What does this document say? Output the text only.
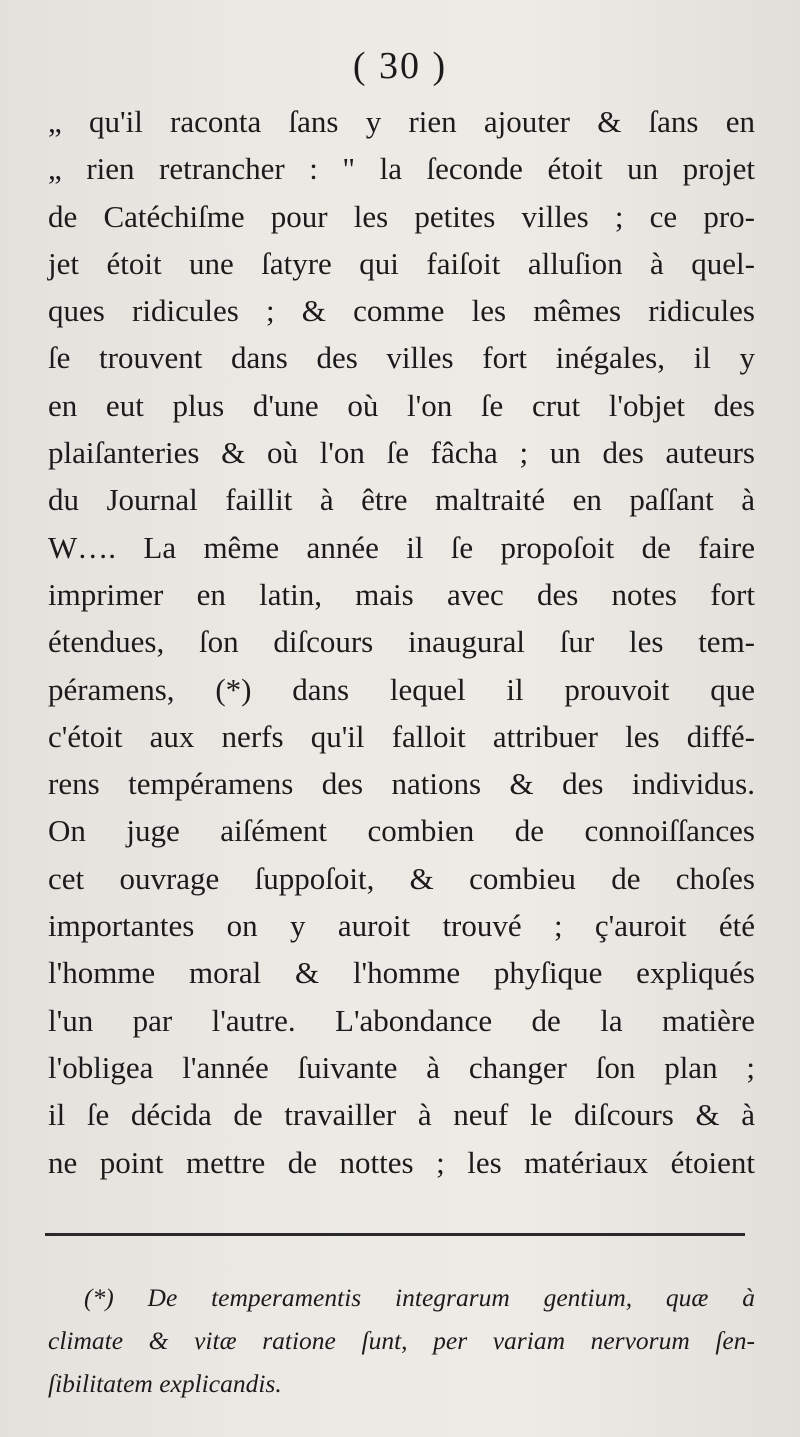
( 30 )
„ qu'il raconta ſans y rien ajouter & ſans en
„ rien retrancher : " la ſeconde étoit un projet
de Catéchiſme pour les petites villes ; ce pro-
jet étoit une ſatyre qui faiſoit alluſion à quel-
ques ridicules ; & comme les mêmes ridicules
ſe trouvent dans des villes fort inégales, il y
en eut plus d'une où l'on ſe crut l'objet des
plaiſanteries & où l'on ſe fâcha ; un des auteurs
du Journal faillit à être maltraité en paſſant à
W…. La même année il ſe propoſoit de faire
imprimer en latin, mais avec des notes fort
étendues, ſon diſcours inaugural ſur les tem-
péramens, (*) dans lequel il prouvoit que
c'étoit aux nerfs qu'il falloit attribuer les diffé-
rens tempéramens des nations & des individus.
On juge aiſément combien de connoiſſances
cet ouvrage ſuppoſoit, & combieu de choſes
importantes on y auroit trouvé ; ç'auroit été
l'homme moral & l'homme phyſique expliqués
l'un par l'autre. L'abondance de la matière
l'obligea l'année ſuivante à changer ſon plan ;
il ſe décida de travailler à neuf le diſcours & à
ne point mettre de nottes ; les matériaux étoient
(*) De temperamentis integrarum gentium, quæ à
climate & vitæ ratione ſunt, per variam nervorum ſen-
ſibilitatem explicandis.
